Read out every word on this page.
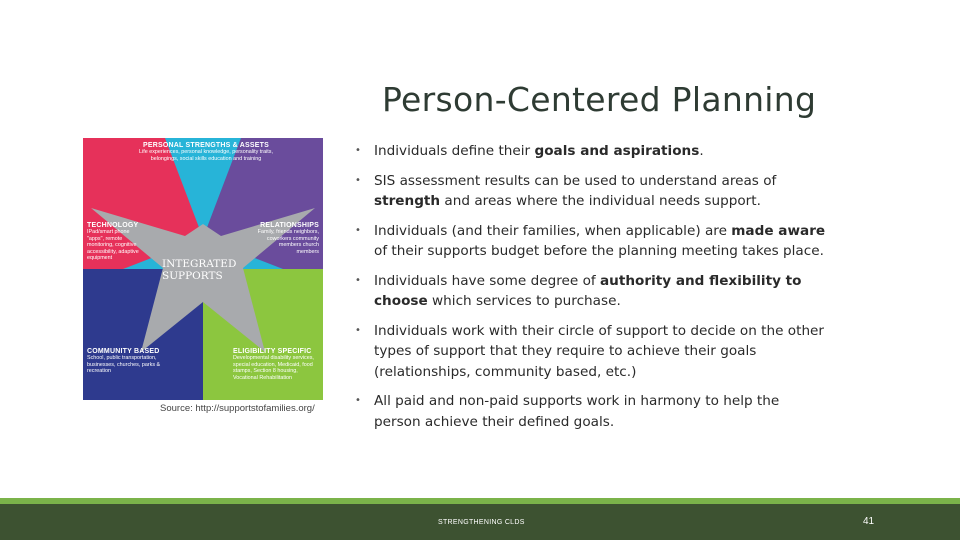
Person-Centered Planning
PERSONAL STRENGTHS & ASSETS
Life experiences, personal knowledge, personality traits, belongings, social skills education and training
TECHNOLOGY
IPad/smart phone "apps", remote monitoring, cognitive accessibility, adaptive equipment
RELATIONSHIPS
Family, friends neighbors, coworkers community members church members
INTEGRATED SUPPORTS
COMMUNITY BASED
School, public transportation, businesses, churches, parks & recreation
ELIGIBILITY SPECIFIC
Developmental disability services, special education, Medicaid, food stamps, Section 8 housing, Vocational Rehabilitation
Source: http://supportstofamilies.org/
• Individuals define their goals and aspirations.
• SIS assessment results can be used to understand areas of strength and areas where the individual needs support.
• Individuals (and their families, when applicable) are made aware of their supports budget before the planning meeting takes place.
• Individuals have some degree of authority and flexibility to choose which services to purchase.
• Individuals work with their circle of support to decide on the other types of support that they require to achieve their goals (relationships, community based, etc.)
• All paid and non-paid supports work in harmony to help the person achieve their defined goals.
STRENGTHENING CLDS	41
